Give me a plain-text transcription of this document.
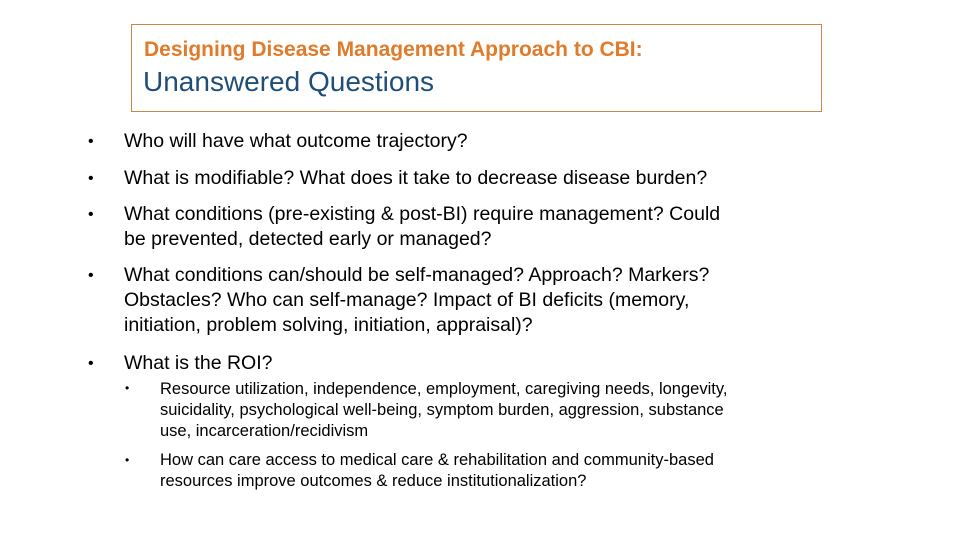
Designing Disease Management Approach to CBI:
Unanswered Questions
• Who will have what outcome trajectory?
• What is modifiable? What does it take to decrease disease burden?
• What conditions (pre-existing & post-BI) require management? Could
be prevented, detected early or managed?
• What conditions can/should be self-managed? Approach? Markers?
Obstacles? Who can self-manage? Impact of BI deficits (memory,
initiation, problem solving, initiation, appraisal)?
• What is the ROI?
• Resource utilization, independence, employment, caregiving needs, longevity,
suicidality, psychological well-being, symptom burden, aggression, substance
use, incarceration/recidivism
• How can care access to medical care & rehabilitation and community-based
resources improve outcomes & reduce institutionalization?
